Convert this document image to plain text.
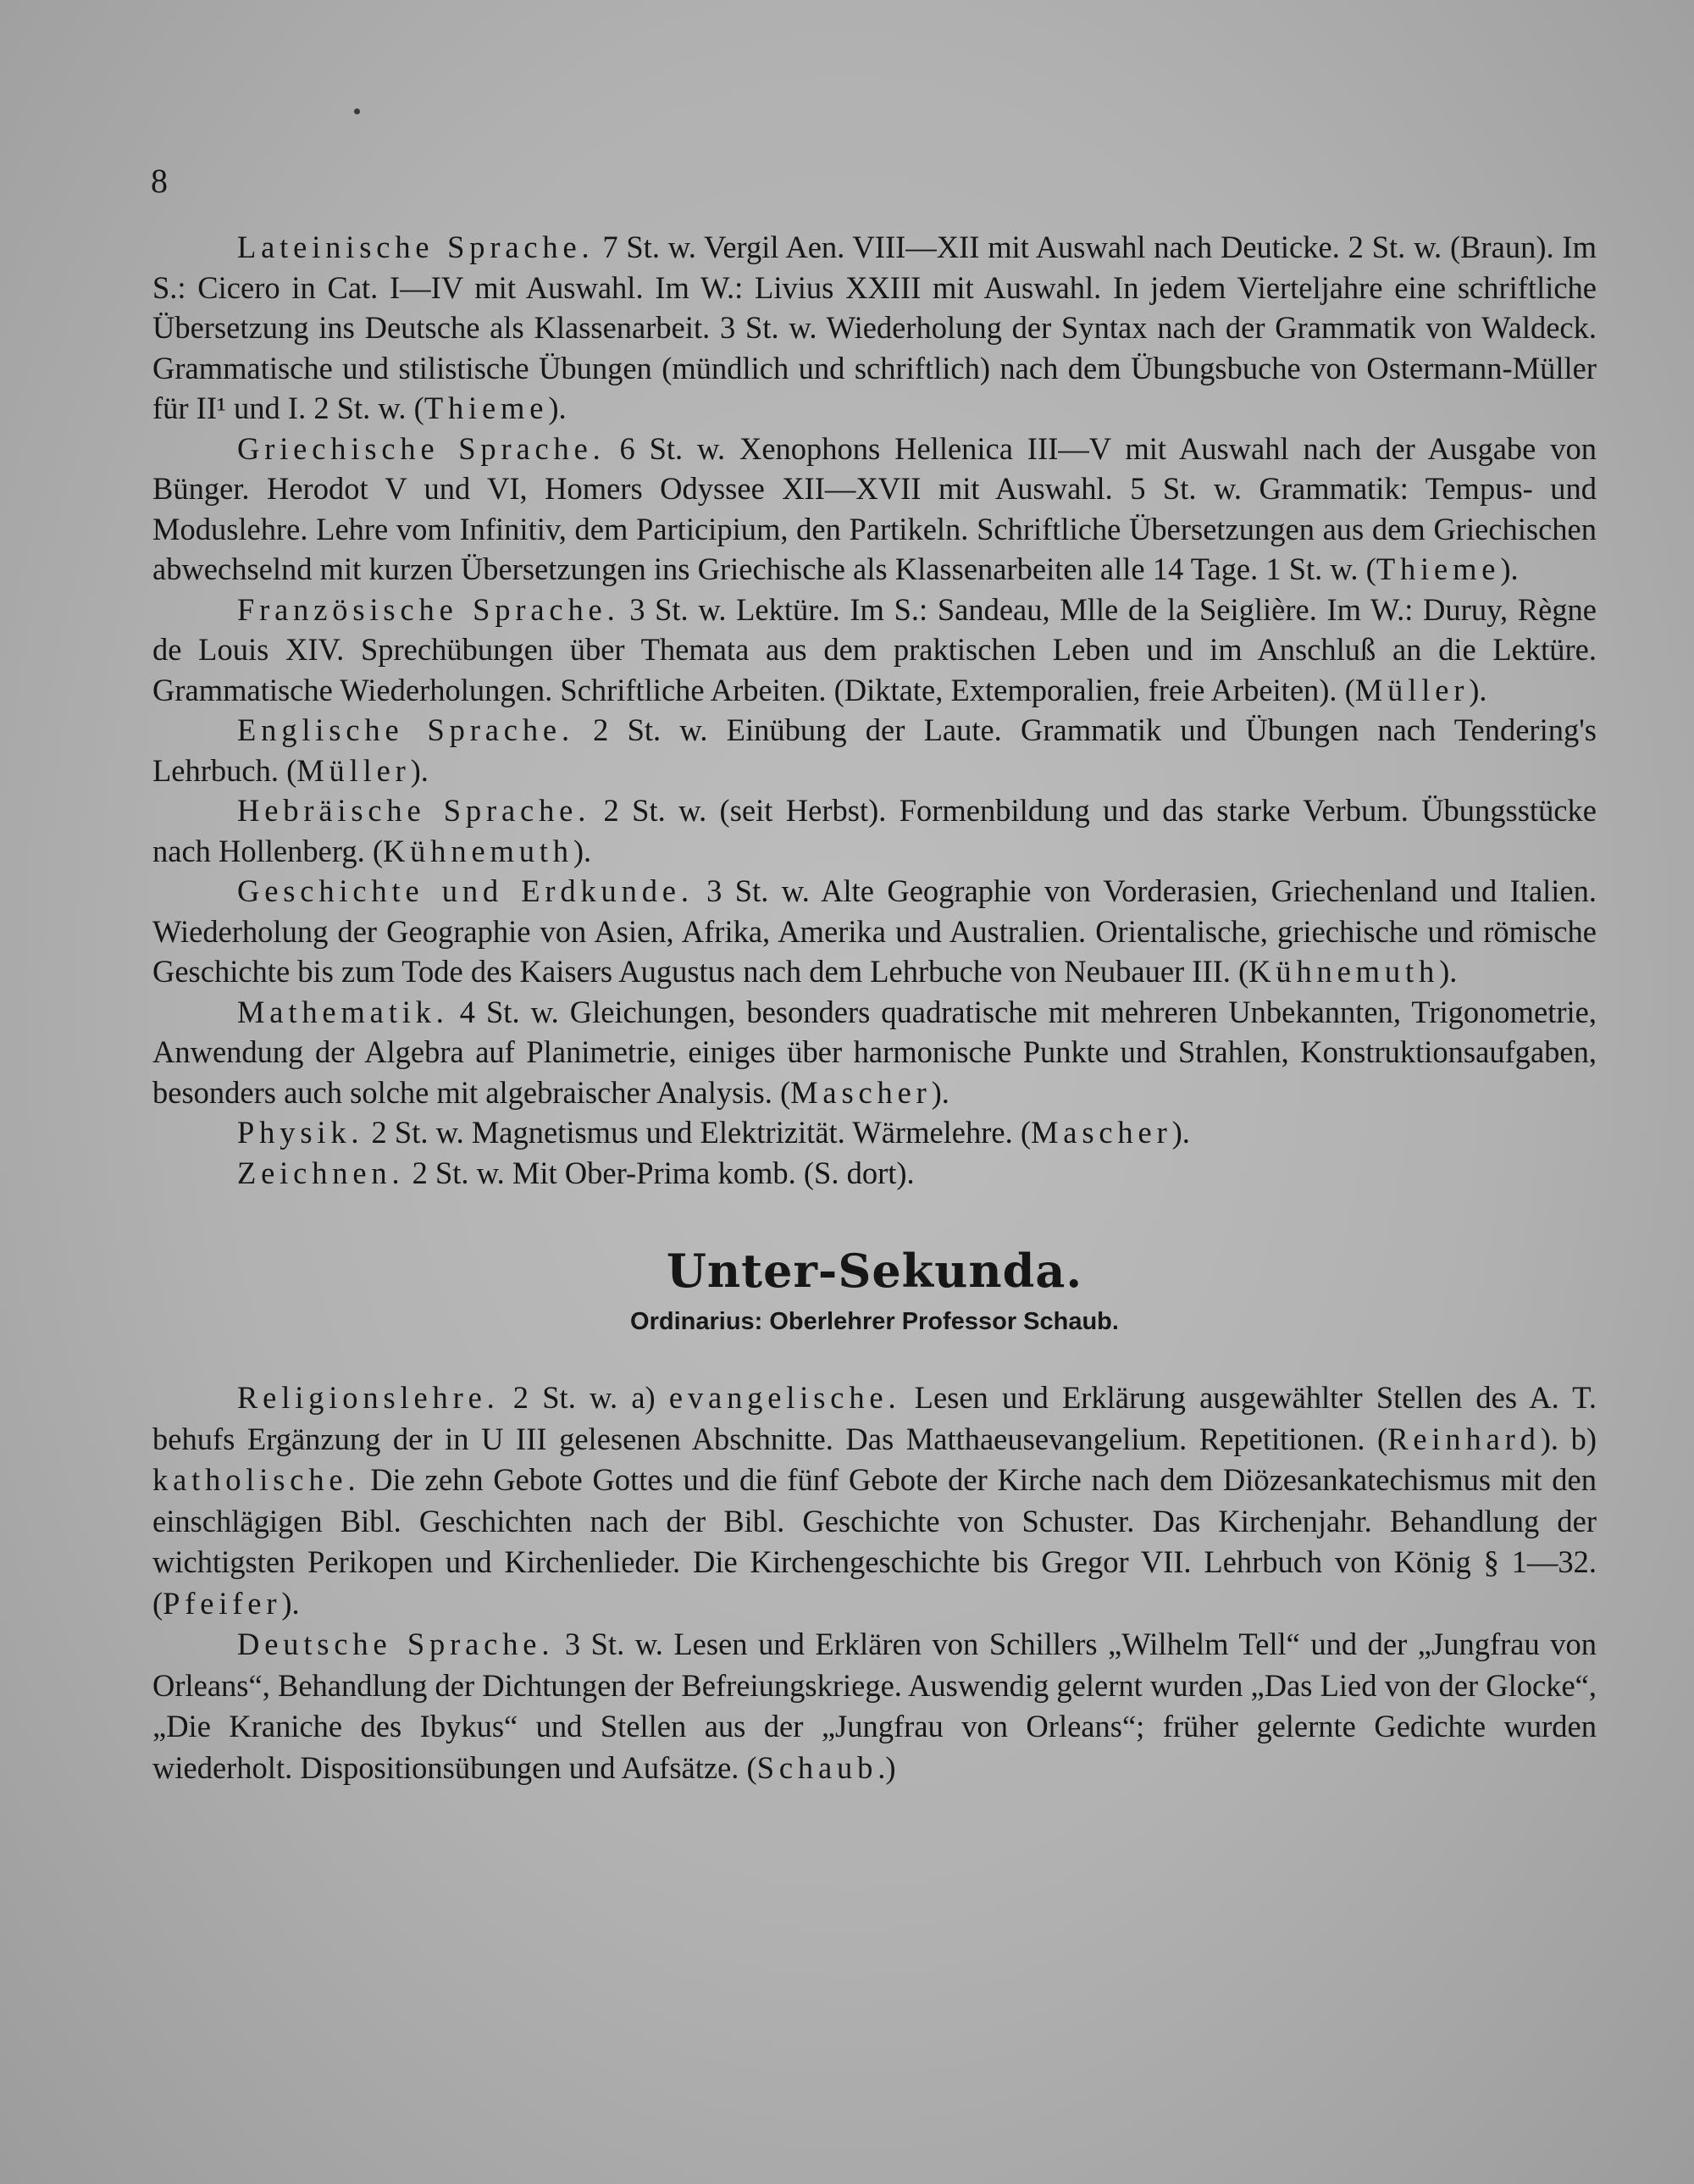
8

Lateinische Sprache. 7 St. w. Vergil Aen. VIII—XII mit Auswahl nach Deuticke. 2 St. w. (Braun). Im S.: Cicero in Cat. I—IV mit Auswahl. Im W.: Livius XXIII mit Auswahl. In jedem Vierteljahre eine schriftliche Übersetzung ins Deutsche als Klassenarbeit. 3 St. w. Wiederholung der Syntax nach der Grammatik von Waldeck. Grammatische und stilistische Übungen (mündlich und schriftlich) nach dem Übungsbuche von Ostermann-Müller für II¹ und I. 2 St. w. (Thieme).

Griechische Sprache. 6 St. w. Xenophons Hellenica III—V mit Auswahl nach der Ausgabe von Bünger. Herodot V und VI, Homers Odyssee XII—XVII mit Auswahl. 5 St. w. Grammatik: Tempus- und Moduslehre. Lehre vom Infinitiv, dem Participium, den Partikeln. Schriftliche Übersetzungen aus dem Griechischen abwechselnd mit kurzen Übersetzungen ins Griechische als Klassenarbeiten alle 14 Tage. 1 St. w. (Thieme).

Französische Sprache. 3 St. w. Lektüre. Im S.: Sandeau, Mlle de la Seiglière. Im W.: Duruy, Règne de Louis XIV. Sprechübungen über Themata aus dem praktischen Leben und im Anschluß an die Lektüre. Grammatische Wiederholungen. Schriftliche Arbeiten. (Diktate, Extemporalien, freie Arbeiten). (Müller).

Englische Sprache. 2 St. w. Einübung der Laute. Grammatik und Übungen nach Tendering's Lehrbuch. (Müller).

Hebräische Sprache. 2 St. w. (seit Herbst). Formenbildung und das starke Verbum. Übungsstücke nach Hollenberg. (Kühnemuth).

Geschichte und Erdkunde. 3 St. w. Alte Geographie von Vorderasien, Griechenland und Italien. Wiederholung der Geographie von Asien, Afrika, Amerika und Australien. Orientalische, griechische und römische Geschichte bis zum Tode des Kaisers Augustus nach dem Lehrbuche von Neubauer III. (Kühnemuth).

Mathematik. 4 St. w. Gleichungen, besonders quadratische mit mehreren Unbekannten, Trigonometrie, Anwendung der Algebra auf Planimetrie, einiges über harmonische Punkte und Strahlen, Konstruktionsaufgaben, besonders auch solche mit algebraischer Analysis. (Mascher).

Physik. 2 St. w. Magnetismus und Elektrizität. Wärmelehre. (Mascher).

Zeichnen. 2 St. w. Mit Ober-Prima komb. (S. dort).

Unter-Sekunda.
Ordinarius: Oberlehrer Professor Schaub.

Religionslehre. 2 St. w. a) evangelische. Lesen und Erklärung ausgewählter Stellen des A. T. behufs Ergänzung der in U III gelesenen Abschnitte. Das Matthaeusevangelium. Repetitionen. (Reinhard). b) katholische. Die zehn Gebote Gottes und die fünf Gebote der Kirche nach dem Diözesankatechismus mit den einschlägigen Bibl. Geschichten nach der Bibl. Geschichte von Schuster. Das Kirchenjahr. Behandlung der wichtigsten Perikopen und Kirchenlieder. Die Kirchengeschichte bis Gregor VII. Lehrbuch von König § 1—32. (Pfeifer).

Deutsche Sprache. 3 St. w. Lesen und Erklären von Schillers „Wilhelm Tell“ und der „Jungfrau von Orleans“, Behandlung der Dichtungen der Befreiungskriege. Auswendig gelernt wurden „Das Lied von der Glocke“, „Die Kraniche des Ibykus“ und Stellen aus der „Jungfrau von Orleans“; früher gelernte Gedichte wurden wiederholt. Dispositionsübungen und Aufsätze. (Schaub.)
